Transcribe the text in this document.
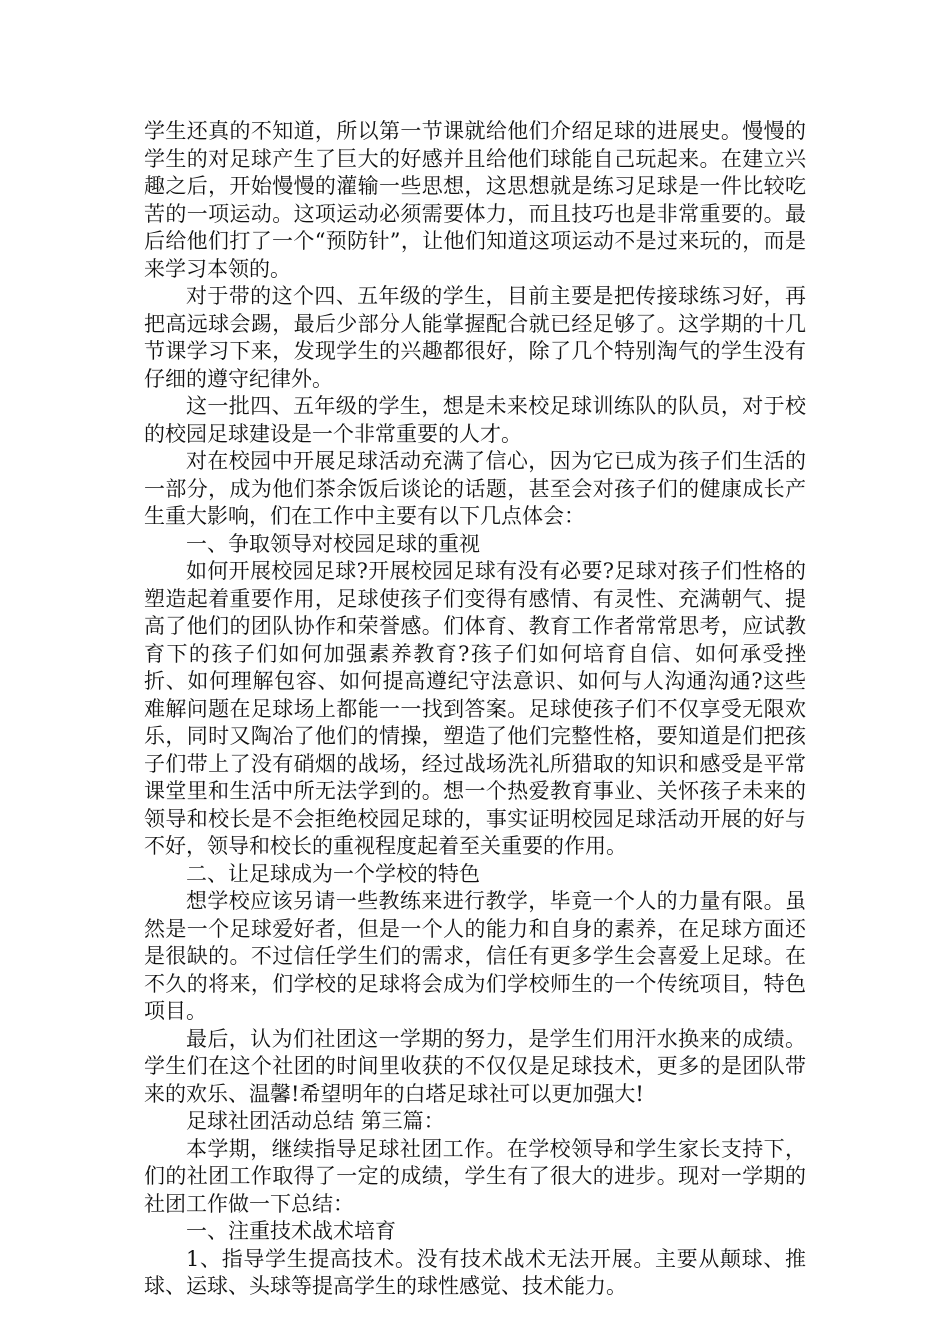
学生还真的不知道，所以第一节课就给他们介绍足球的进展史。慢慢的学生的对足球产生了巨大的好感并且给他们球能自己玩起来。在建立兴趣之后，开始慢慢的灌输一些思想，这思想就是练习足球是一件比较吃苦的一项运动。这项运动必须需要体力，而且技巧也是非常重要的。最后给他们打了一个“预防针”，让他们知道这项运动不是过来玩的，而是来学习本领的。

对于带的这个四、五年级的学生，目前主要是把传接球练习好，再把高远球会踢，最后少部分人能掌握配合就已经足够了。这学期的十几节课学习下来，发现学生的兴趣都很好，除了几个特别淘气的学生没有仔细的遵守纪律外。

这一批四、五年级的学生，想是未来校足球训练队的队员，对于校的校园足球建设是一个非常重要的人才。

对在校园中开展足球活动充满了信心，因为它已成为孩子们生活的一部分，成为他们茶余饭后谈论的话题，甚至会对孩子们的健康成长产生重大影响，们在工作中主要有以下几点体会：

一、争取领导对校园足球的重视

如何开展校园足球?开展校园足球有没有必要?足球对孩子们性格的塑造起着重要作用，足球使孩子们变得有感情、有灵性、充满朝气、提高了他们的团队协作和荣誉感。们体育、教育工作者常常思考，应试教育下的孩子们如何加强素养教育?孩子们如何培育自信、如何承受挫折、如何理解包容、如何提高遵纪守法意识、如何与人沟通沟通?这些难解问题在足球场上都能一一找到答案。足球使孩子们不仅享受无限欢乐，同时又陶冶了他们的情操，塑造了他们完整性格，要知道是们把孩子们带上了没有硝烟的战场，经过战场洗礼所猎取的知识和感受是平常课堂里和生活中所无法学到的。想一个热爱教育事业、关怀孩子未来的领导和校长是不会拒绝校园足球的，事实证明校园足球活动开展的好与不好，领导和校长的重视程度起着至关重要的作用。

二、让足球成为一个学校的特色

想学校应该另请一些教练来进行教学，毕竟一个人的力量有限。虽然是一个足球爱好者，但是一个人的能力和自身的素养，在足球方面还是很缺的。不过信任学生们的需求，信任有更多学生会喜爱上足球。在不久的将来，们学校的足球将会成为们学校师生的一个传统项目，特色项目。

最后，认为们社团这一学期的努力，是学生们用汗水换来的成绩。学生们在这个社团的时间里收获的不仅仅是足球技术，更多的是团队带来的欢乐、温馨!希望明年的白塔足球社可以更加强大!

足球社团活动总结 第三篇：

本学期，继续指导足球社团工作。在学校领导和学生家长支持下，们的社团工作取得了一定的成绩，学生有了很大的进步。现对一学期的社团工作做一下总结：

一、注重技术战术培育

1、指导学生提高技术。没有技术战术无法开展。主要从颠球、推球、运球、头球等提高学生的球性感觉、技术能力。
